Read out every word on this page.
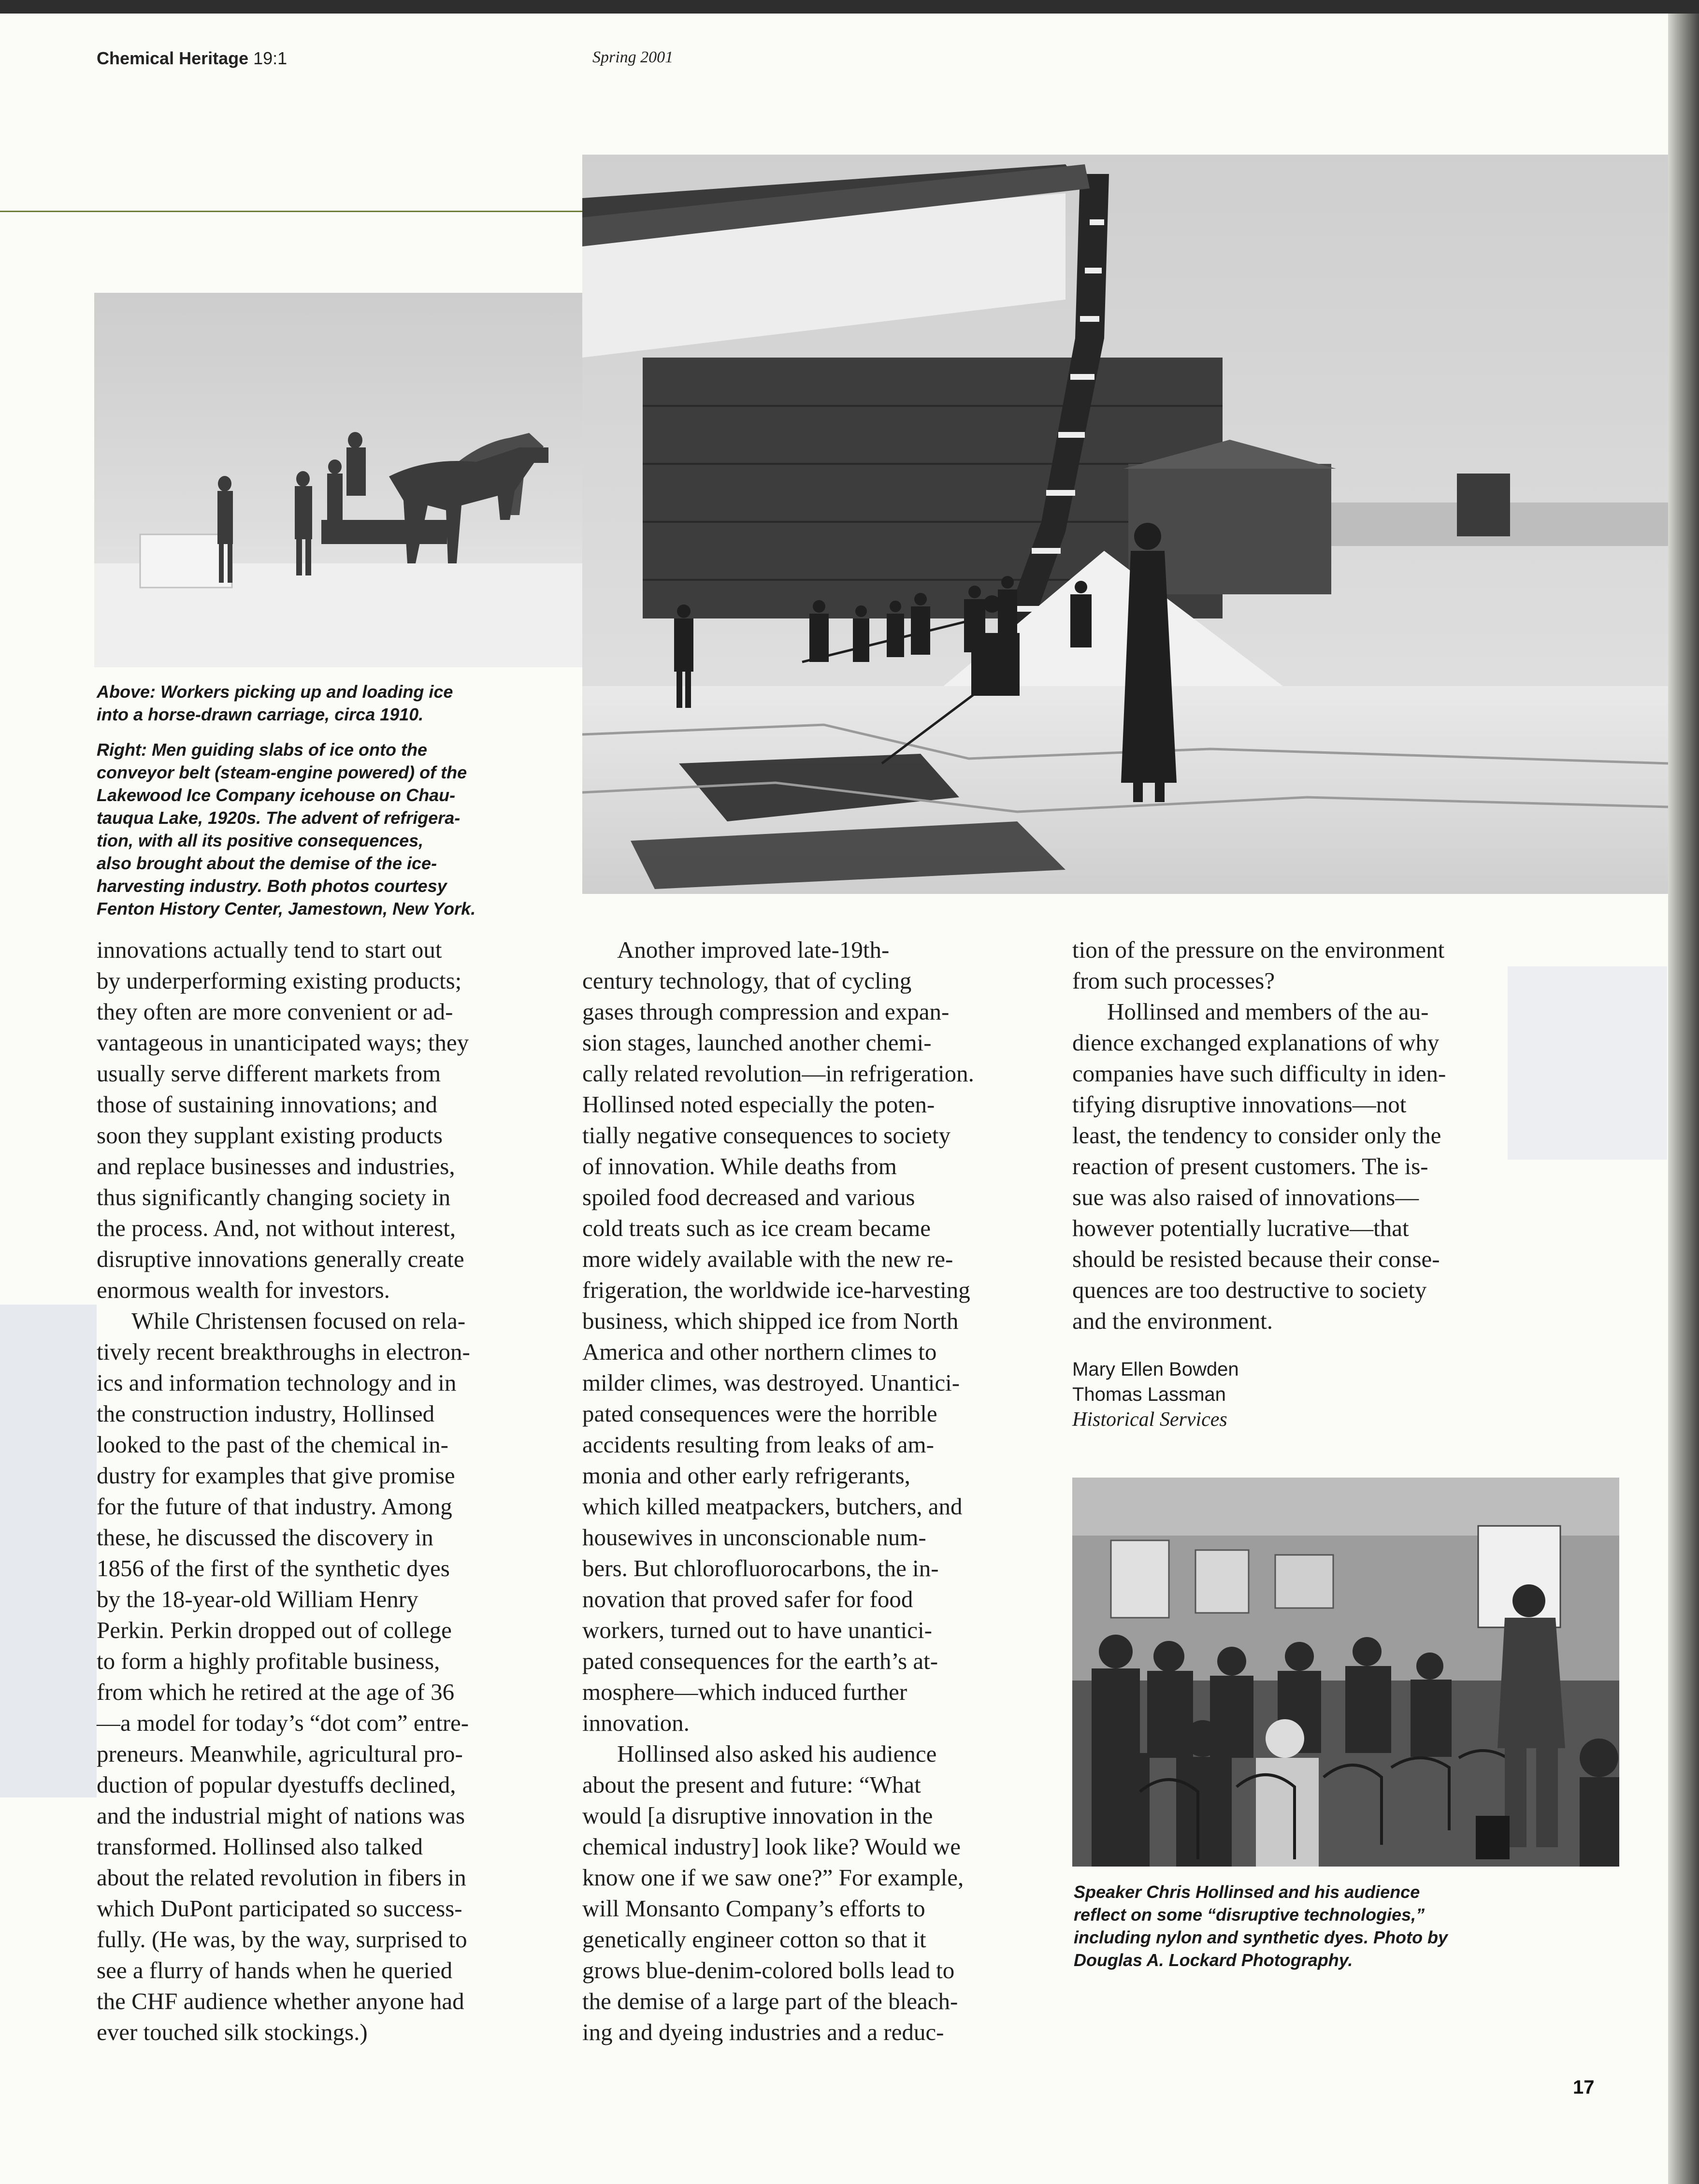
Chemical Heritage 19:1	Spring 2001
Above: Workers picking up and loading ice
into a horse-drawn carriage, circa 1910.
Right: Men guiding slabs of ice onto the
conveyor belt (steam-engine powered) of the
Lakewood Ice Company icehouse on Chau-
tauqua Lake, 1920s. The advent of refrigera-
tion, with all its positive consequences,
also brought about the demise of the ice-
harvesting industry. Both photos courtesy
Fenton History Center, Jamestown, New York.

innovations actually tend to start out
by underperforming existing products;
they often are more convenient or ad-
vantageous in unanticipated ways; they
usually serve different markets from
those of sustaining innovations; and
soon they supplant existing products
and replace businesses and industries,
thus significantly changing society in
the process. And, not without interest,
disruptive innovations generally create
enormous wealth for investors.

While Christensen focused on rela-
tively recent breakthroughs in electron-
ics and information technology and in
the construction industry, Hollinsed
looked to the past of the chemical in-
dustry for examples that give promise
for the future of that industry. Among
these, he discussed the discovery in
1856 of the first of the synthetic dyes
by the 18-year-old William Henry
Perkin. Perkin dropped out of college
to form a highly profitable business,
from which he retired at the age of 36
—a model for today’s “dot com” entre-
preneurs. Meanwhile, agricultural pro-
duction of popular dyestuffs declined,
and the industrial might of nations was
transformed. Hollinsed also talked
about the related revolution in fibers in
which DuPont participated so success-
fully. (He was, by the way, surprised to
see a flurry of hands when he queried
the CHF audience whether anyone had
ever touched silk stockings.)

Another improved late-19th-
century technology, that of cycling
gases through compression and expan-
sion stages, launched another chemi-
cally related revolution—in refrigeration.
Hollinsed noted especially the poten-
tially negative consequences to society
of innovation. While deaths from
spoiled food decreased and various
cold treats such as ice cream became
more widely available with the new re-
frigeration, the worldwide ice-harvesting
business, which shipped ice from North
America and other northern climes to
milder climes, was destroyed. Unantici-
pated consequences were the horrible
accidents resulting from leaks of am-
monia and other early refrigerants,
which killed meatpackers, butchers, and
housewives in unconscionable num-
bers. But chlorofluorocarbons, the in-
novation that proved safer for food
workers, turned out to have unantici-
pated consequences for the earth’s at-
mosphere—which induced further
innovation.

Hollinsed also asked his audience
about the present and future: “What
would [a disruptive innovation in the
chemical industry] look like? Would we
know one if we saw one?” For example,
will Monsanto Company’s efforts to
genetically engineer cotton so that it
grows blue-denim-colored bolls lead to
the demise of a large part of the bleach-
ing and dyeing industries and a reduc-

tion of the pressure on the environment
from such processes?

Hollinsed and members of the au-
dience exchanged explanations of why
companies have such difficulty in iden-
tifying disruptive innovations—not
least, the tendency to consider only the
reaction of present customers. The is-
sue was also raised of innovations—
however potentially lucrative—that
should be resisted because their conse-
quences are too destructive to society
and the environment.

Mary Ellen Bowden
Thomas Lassman
Historical Services
Speaker Chris Hollinsed and his audience
reflect on some “disruptive technologies,”
including nylon and synthetic dyes. Photo by
Douglas A. Lockard Photography.
17
